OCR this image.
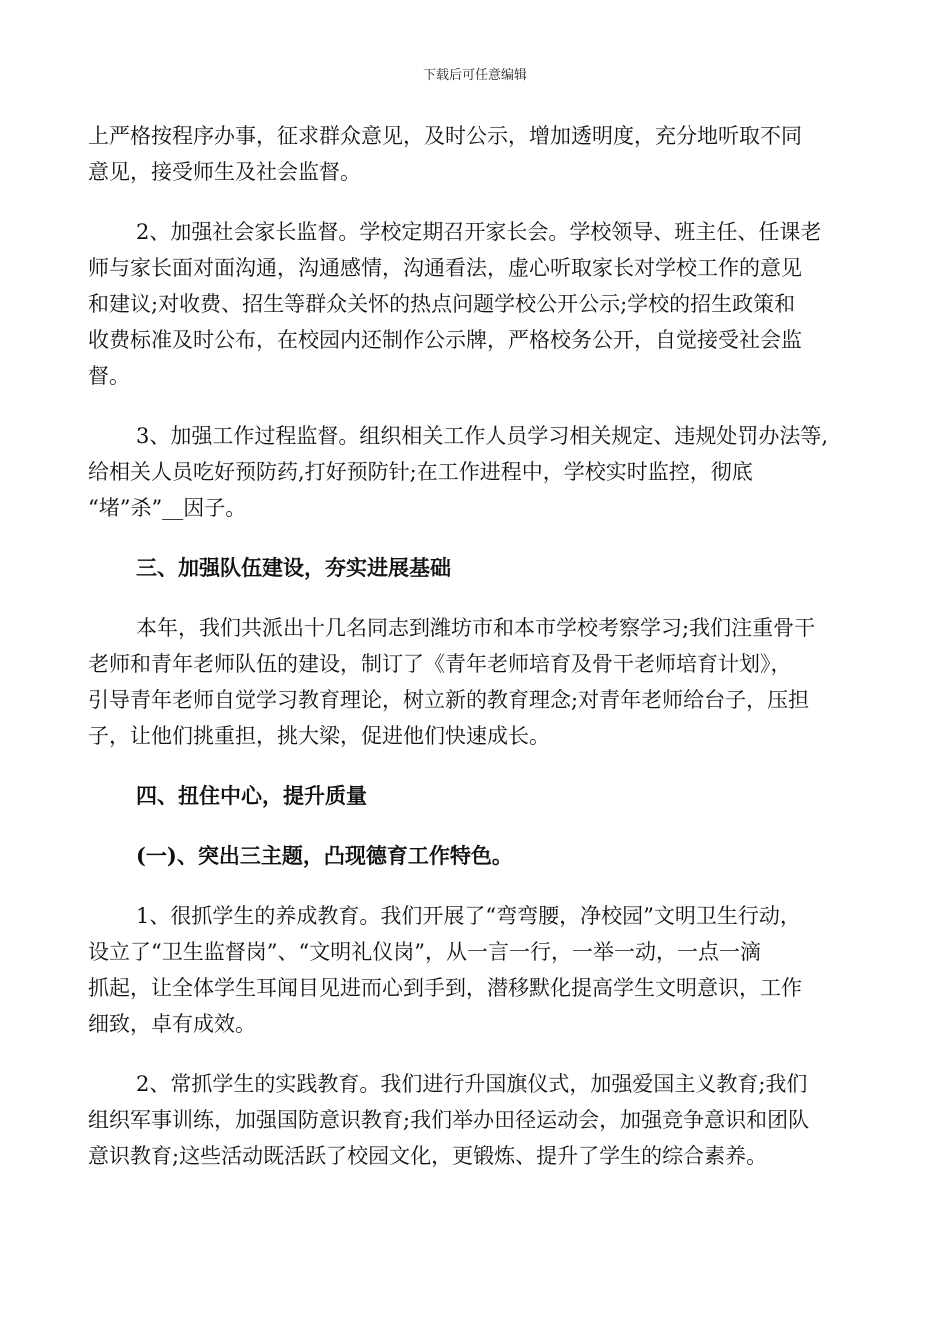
下载后可任意编辑
上严格按程序办事，征求群众意见，及时公示，增加透明度，充分地听取不同
意见，接受师生及社会监督。
2、加强社会家长监督。学校定期召开家长会。学校领导、班主任、任课老
师与家长面对面沟通，沟通感情，沟通看法，虚心听取家长对学校工作的意见
和建议;对收费、招生等群众关怀的热点问题学校公开公示;学校的招生政策和
收费标准及时公布，在校园内还制作公示牌，严格校务公开，自觉接受社会监
督。
3、加强工作过程监督。组织相关工作人员学习相关规定、违规处罚办法等,
给相关人员吃好预防药,打好预防针;在工作进程中，学校实时监控，彻底
“堵”杀”__因子。
三、加强队伍建设，夯实进展基础
本年，我们共派出十几名同志到潍坊市和本市学校考察学习;我们注重骨干
老师和青年老师队伍的建设，制订了《青年老师培育及骨干老师培育计划》，
引导青年老师自觉学习教育理论，树立新的教育理念;对青年老师给台子，压担
子，让他们挑重担，挑大梁，促进他们快速成长。
四、扭住中心，提升质量
(一)、突出三主题，凸现德育工作特色。
1、很抓学生的养成教育。我们开展了“弯弯腰，净校园”文明卫生行动，
设立了“卫生监督岗”、“文明礼仪岗”，从一言一行，一举一动，一点一滴
抓起，让全体学生耳闻目见进而心到手到，潜移默化提高学生文明意识，工作
细致，卓有成效。
2、常抓学生的实践教育。我们进行升国旗仪式，加强爱国主义教育;我们
组织军事训练，加强国防意识教育;我们举办田径运动会，加强竞争意识和团队
意识教育;这些活动既活跃了校园文化，更锻炼、提升了学生的综合素养。
